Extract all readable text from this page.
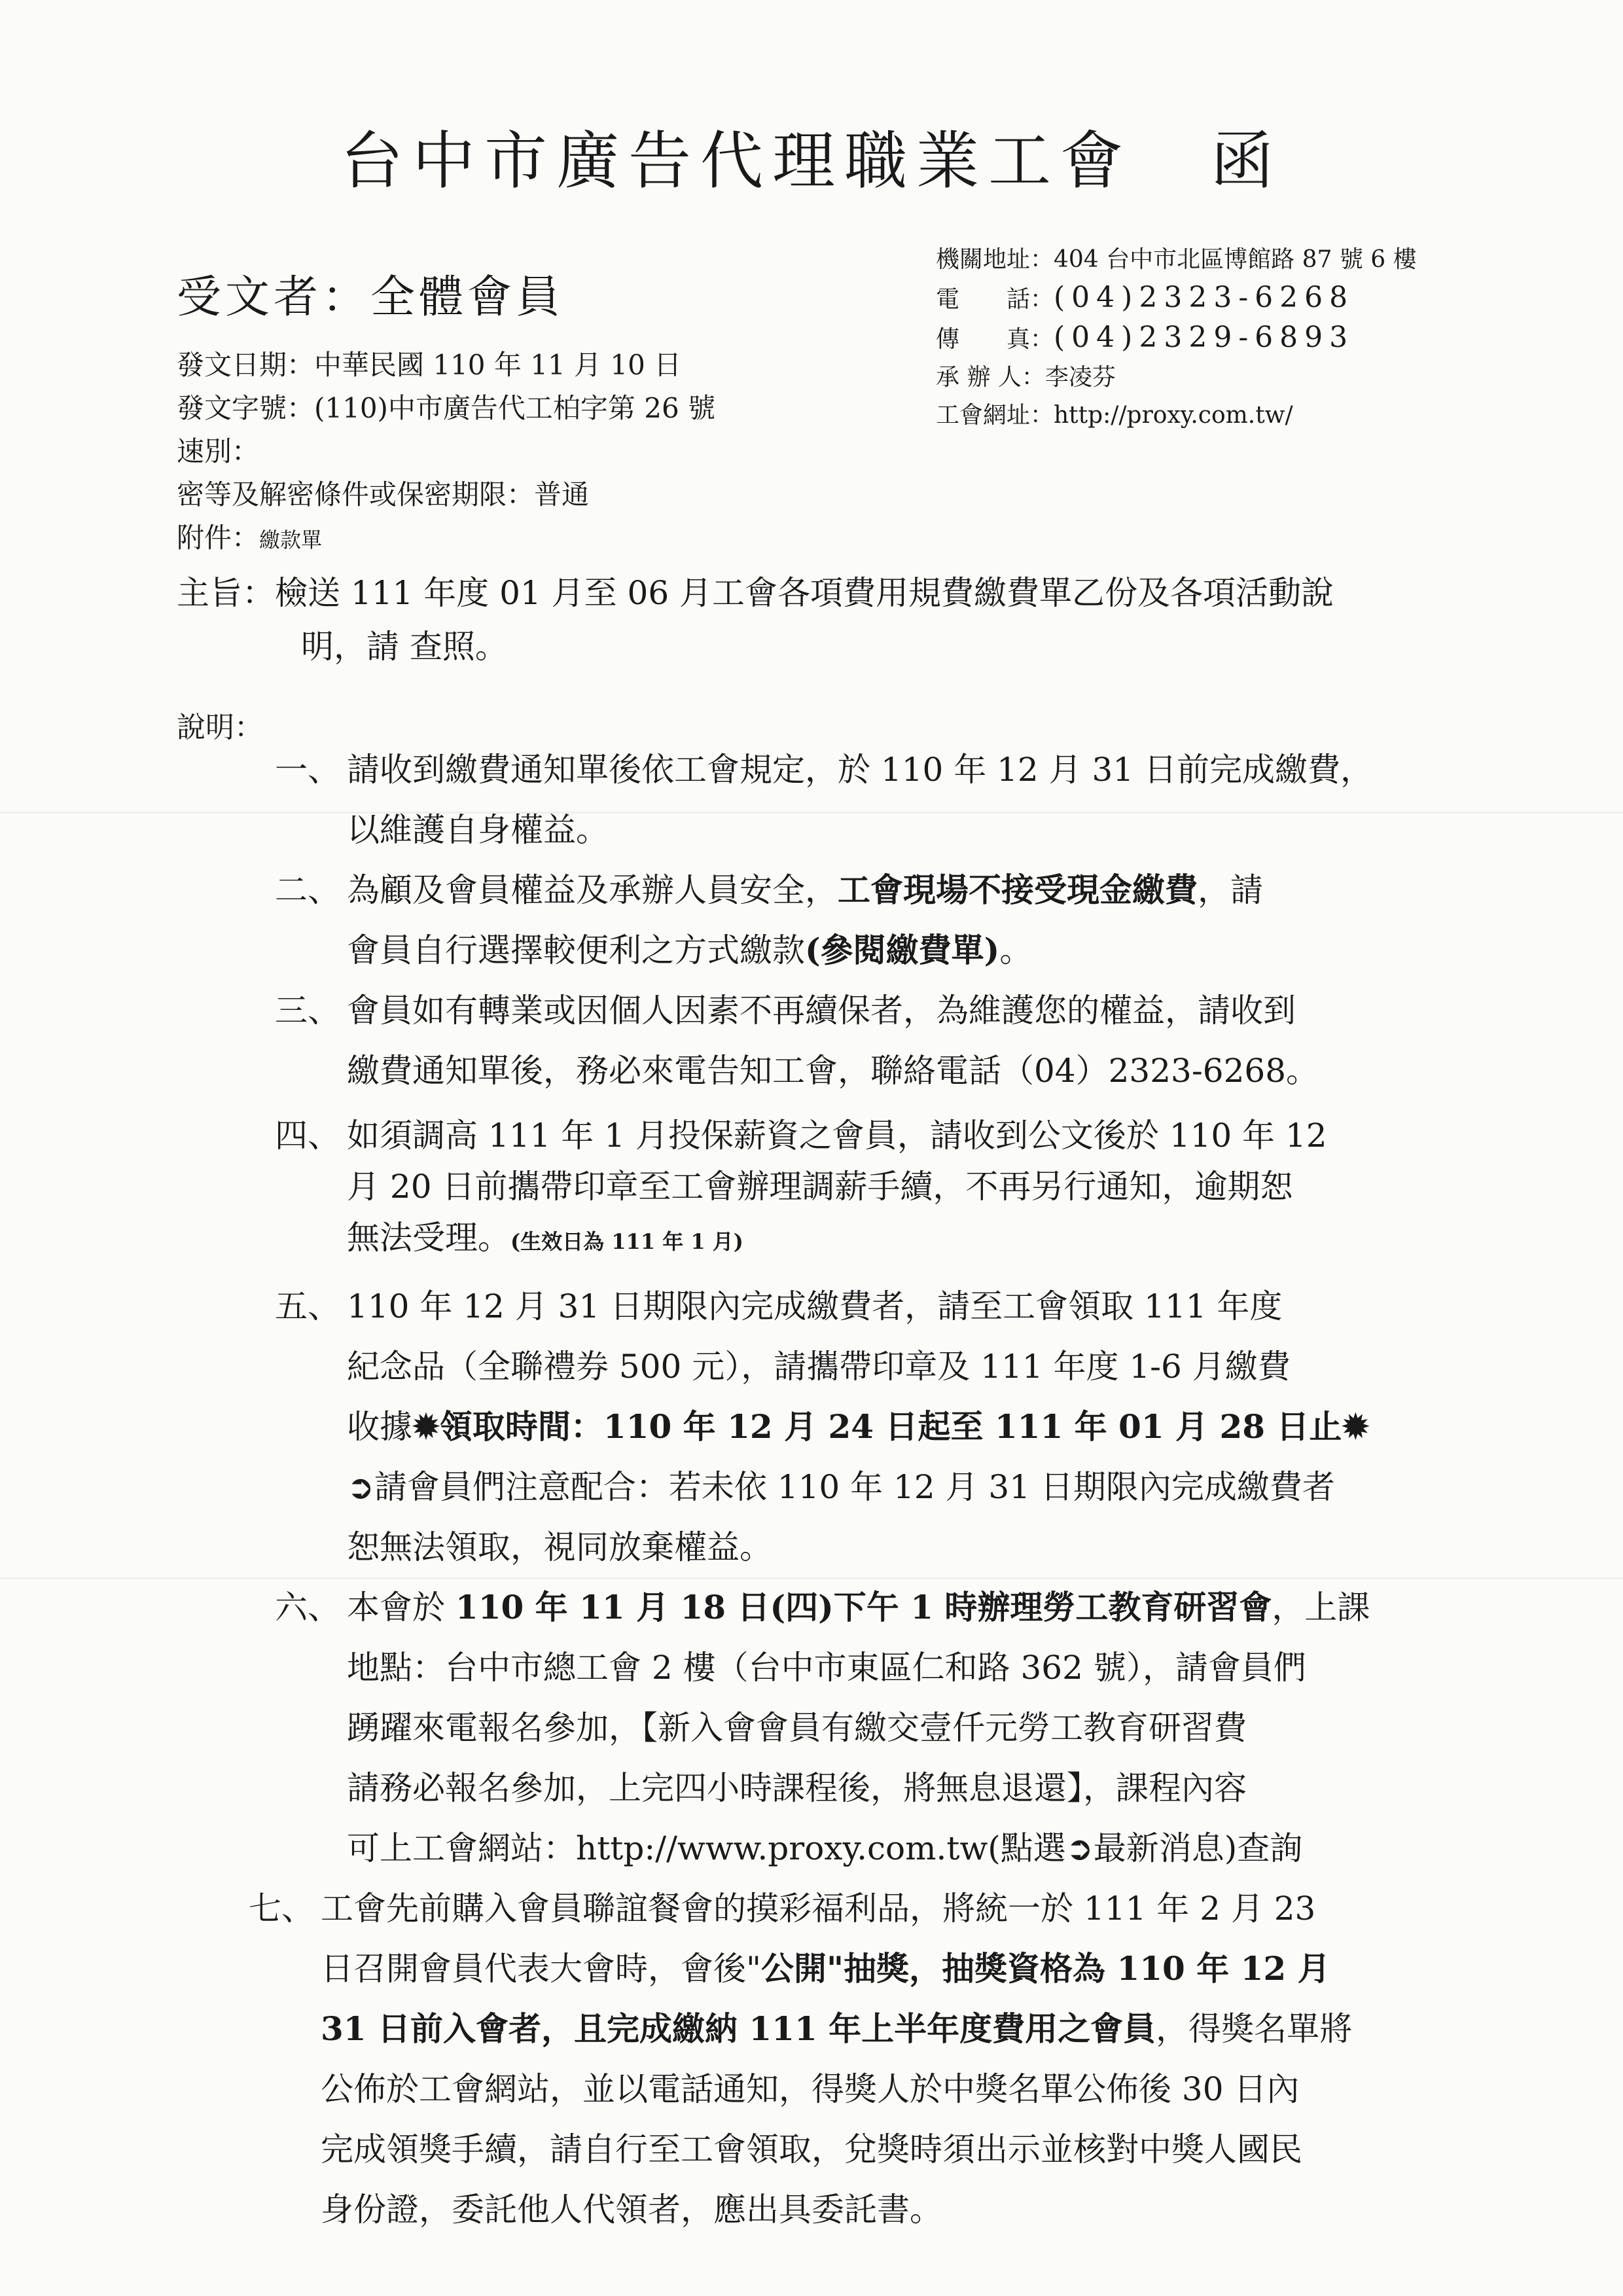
台中市廣告代理職業工會 函
受文者：全體會員
機關地址：404 台中市北區博館路 87 號 6 樓
電　　話：(04)2323-6268
傳　　真：(04)2329-6893
承 辦 人：李凌芬
工會網址：http://proxy.com.tw/
發文日期：中華民國 110 年 11 月 10 日
發文字號：(110)中市廣告代工柏字第 26 號
速別：
密等及解密條件或保密期限：普通
附件：繳款單
主旨：檢送 111 年度 01 月至 06 月工會各項費用規費繳費單乙份及各項活動說
明，請 查照。
說明：
一、 請收到繳費通知單後依工會規定，於 110 年 12 月 31 日前完成繳費，
以維護自身權益。
二、 為顧及會員權益及承辦人員安全，工會現場不接受現金繳費，請
會員自行選擇較便利之方式繳款(參閱繳費單)。
三、 會員如有轉業或因個人因素不再續保者，為維護您的權益，請收到
繳費通知單後，務必來電告知工會，聯絡電話（04）2323-6268。
四、 如須調高 111 年 1 月投保薪資之會員，請收到公文後於 110 年 12
月 20 日前攜帶印章至工會辦理調薪手續，不再另行通知，逾期恕
無法受理。(生效日為 111 年 1 月)
五、 110 年 12 月 31 日期限內完成繳費者，請至工會領取 111 年度
紀念品（全聯禮券 500 元），請攜帶印章及 111 年度 1-6 月繳費
收據✹領取時間：110 年 12 月 24 日起至 111 年 01 月 28 日止✹
➲請會員們注意配合：若未依 110 年 12 月 31 日期限內完成繳費者
恕無法領取，視同放棄權益。
六、 本會於 110 年 11 月 18 日(四)下午 1 時辦理勞工教育研習會，上課
地點：台中市總工會 2 樓（台中市東區仁和路 362 號），請會員們
踴躍來電報名參加，【新入會會員有繳交壹仟元勞工教育研習費
請務必報名參加，上完四小時課程後，將無息退還】，課程內容
可上工會網站：http://www.proxy.com.tw(點選➲最新消息)查詢
七、 工會先前購入會員聯誼餐會的摸彩福利品，將統一於 111 年 2 月 23
日召開會員代表大會時，會後"公開"抽獎，抽獎資格為 110 年 12 月
31 日前入會者，且完成繳納 111 年上半年度費用之會員，得獎名單將
公佈於工會網站，並以電話通知，得獎人於中獎名單公佈後 30 日內
完成領獎手續，請自行至工會領取，兌獎時須出示並核對中獎人國民
身份證，委託他人代領者，應出具委託書。
